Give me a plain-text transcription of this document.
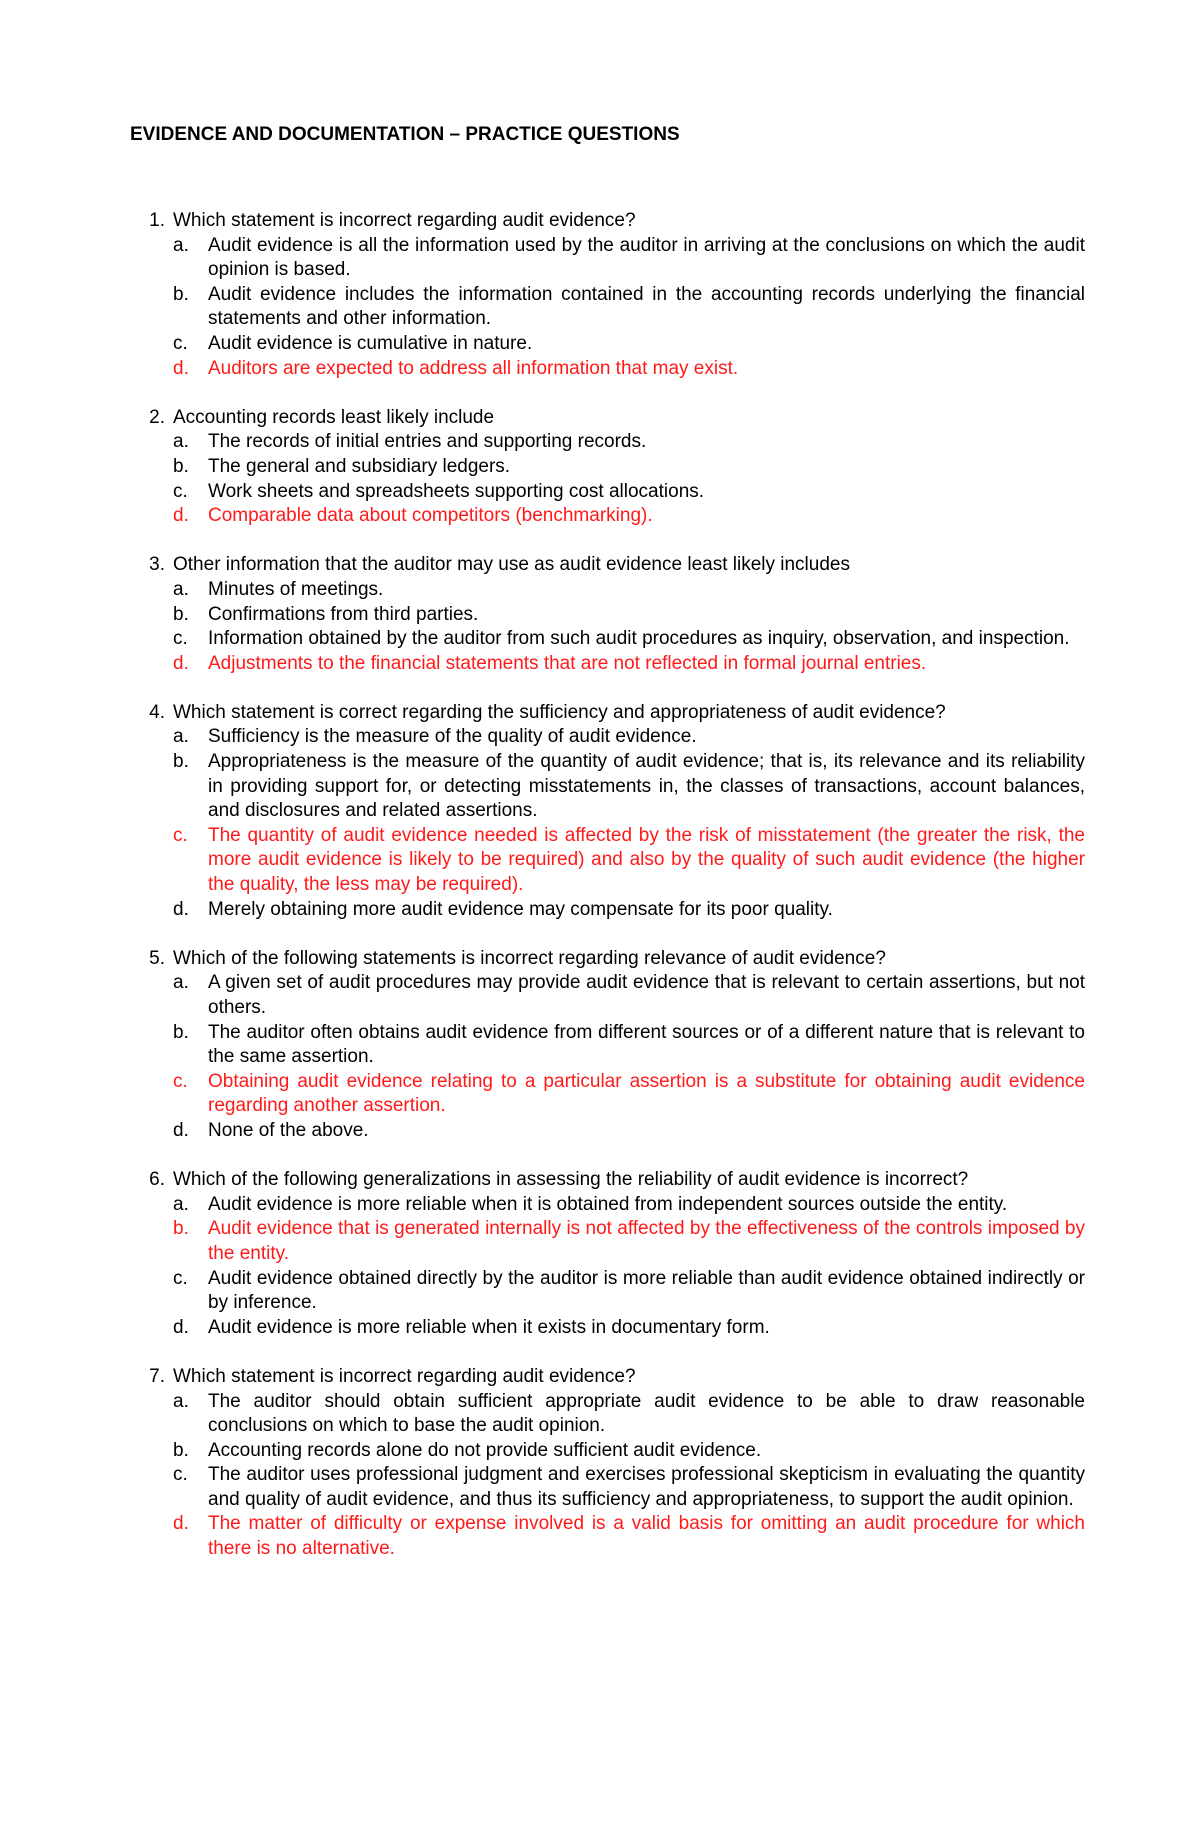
EVIDENCE AND DOCUMENTATION – PRACTICE QUESTIONS
1. Which statement is incorrect regarding audit evidence?
a.	Audit evidence is all the information used by the auditor in arriving at the conclusions on which the audit opinion is based.
b.	Audit evidence includes the information contained in the accounting records underlying the financial statements and other information.
c.	Audit evidence is cumulative in nature.
d.	Auditors are expected to address all information that may exist.
2. Accounting records least likely include
a.	The records of initial entries and supporting records.
b.	The general and subsidiary ledgers.
c.	Work sheets and spreadsheets supporting cost allocations.
d.	Comparable data about competitors (benchmarking).
3. Other information that the auditor may use as audit evidence least likely includes
a.	Minutes of meetings.
b.	Confirmations from third parties.
c.	Information obtained by the auditor from such audit procedures as inquiry, observation, and inspection.
d.	Adjustments to the financial statements that are not reflected in formal journal entries.
4. Which statement is correct regarding the sufficiency and appropriateness of audit evidence?
a.	Sufficiency is the measure of the quality of audit evidence.
b.	Appropriateness is the measure of the quantity of audit evidence; that is, its relevance and its reliability in providing support for, or detecting misstatements in, the classes of transactions, account balances, and disclosures and related assertions.
c.	The quantity of audit evidence needed is affected by the risk of misstatement (the greater the risk, the more audit evidence is likely to be required) and also by the quality of such audit evidence (the higher the quality, the less may be required).
d.	Merely obtaining more audit evidence may compensate for its poor quality.
5. Which of the following statements is incorrect regarding relevance of audit evidence?
a.	A given set of audit procedures may provide audit evidence that is relevant to certain assertions, but not others.
b.	The auditor often obtains audit evidence from different sources or of a different nature that is relevant to the same assertion.
c.	Obtaining audit evidence relating to a particular assertion is a substitute for obtaining audit evidence regarding another assertion.
d.	None of the above.
6. Which of the following generalizations in assessing the reliability of audit evidence is incorrect?
a.	Audit evidence is more reliable when it is obtained from independent sources outside the entity.
b.	Audit evidence that is generated internally is not affected by the effectiveness of the controls imposed by the entity.
c.	Audit evidence obtained directly by the auditor is more reliable than audit evidence obtained indirectly or by inference.
d.	Audit evidence is more reliable when it exists in documentary form.
7. Which statement is incorrect regarding audit evidence?
a.	The auditor should obtain sufficient appropriate audit evidence to be able to draw reasonable conclusions on which to base the audit opinion.
b.	Accounting records alone do not provide sufficient audit evidence.
c.	The auditor uses professional judgment and exercises professional skepticism in evaluating the quantity and quality of audit evidence, and thus its sufficiency and appropriateness, to support the audit opinion.
d.	The matter of difficulty or expense involved is a valid basis for omitting an audit procedure for which there is no alternative.
